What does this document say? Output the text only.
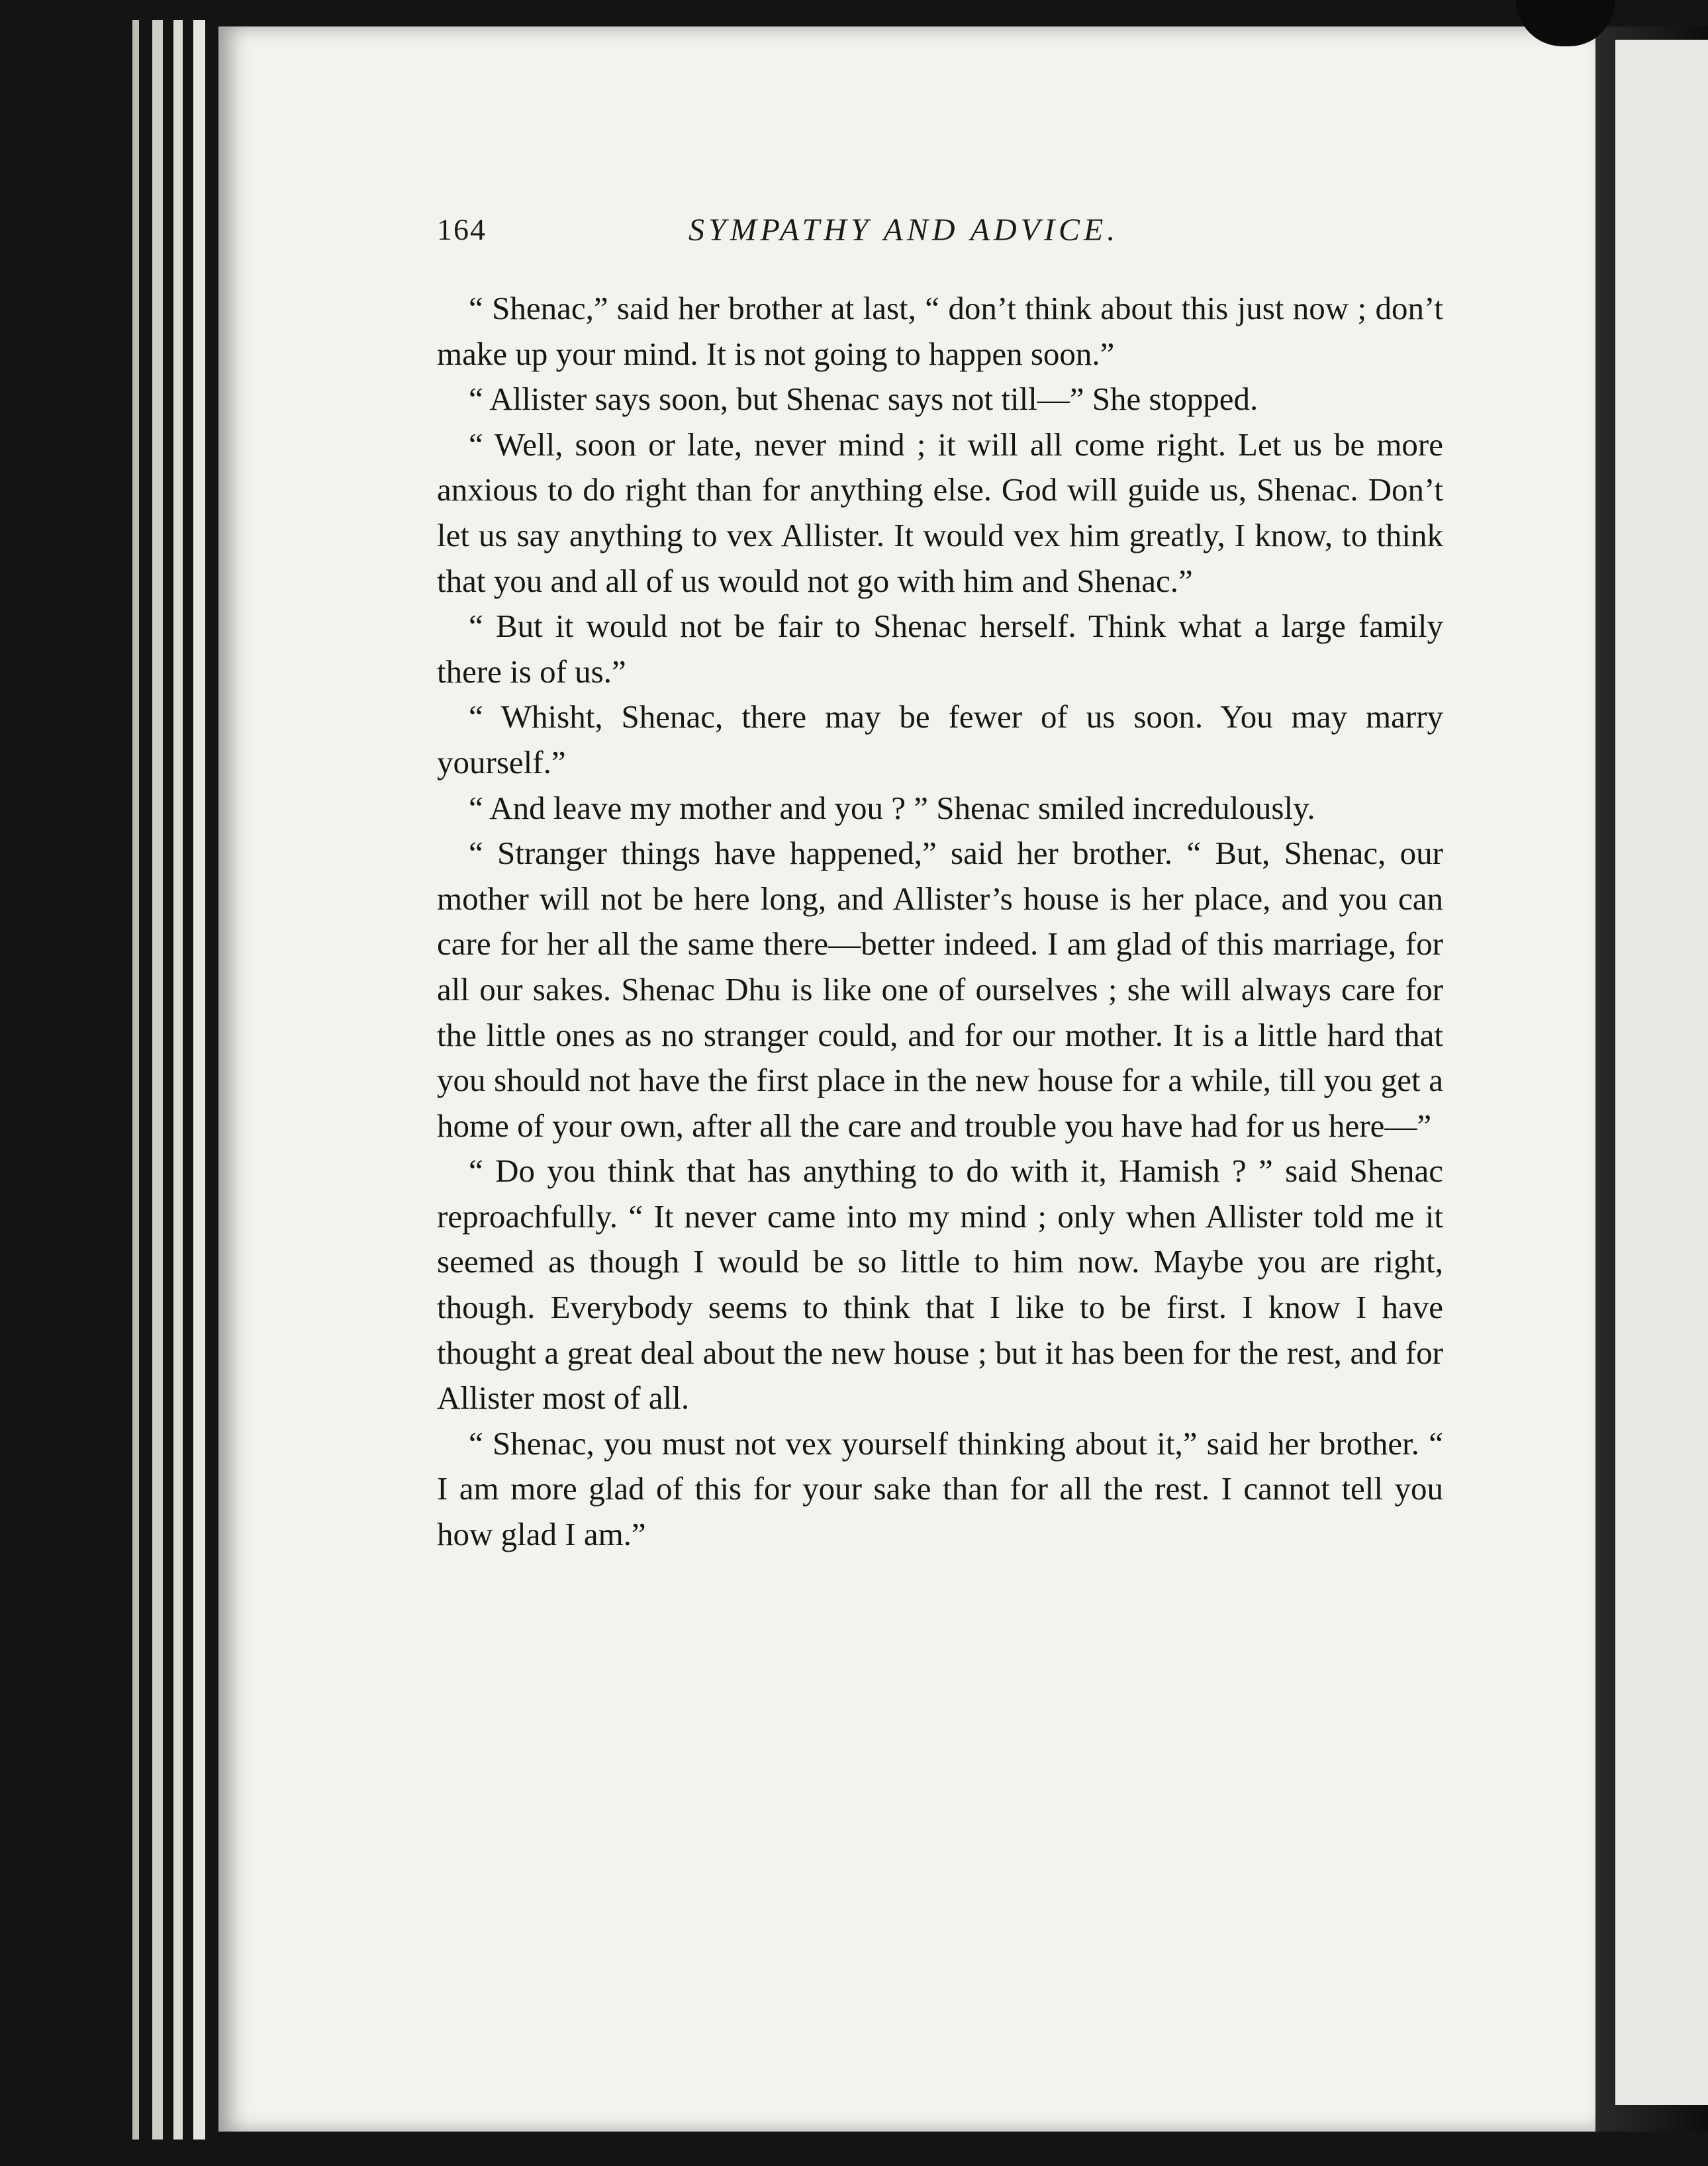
164	SYMPATHY AND ADVICE.

“ Shenac,” said her brother at last, “ don’t think about this just now ; don’t make up your mind. It is not going to happen soon.”

“ Allister says soon, but Shenac says not till—” She stopped.

“ Well, soon or late, never mind ; it will all come right. Let us be more anxious to do right than for anything else. God will guide us, Shenac. Don’t let us say anything to vex Allister. It would vex him greatly, I know, to think that you and all of us would not go with him and Shenac.”

“ But it would not be fair to Shenac herself. Think what a large family there is of us.”

“ Whisht, Shenac, there may be fewer of us soon. You may marry yourself.”

“ And leave my mother and you ? ” Shenac smiled incredulously.

“ Stranger things have happened,” said her brother. “ But, Shenac, our mother will not be here long, and Allister’s house is her place, and you can care for her all the same there—better indeed. I am glad of this marriage, for all our sakes. Shenac Dhu is like one of ourselves ; she will always care for the little ones as no stranger could, and for our mother. It is a little hard that you should not have the first place in the new house for a while, till you get a home of your own, after all the care and trouble you have had for us here—”

“ Do you think that has anything to do with it, Hamish ? ” said Shenac reproachfully. “ It never came into my mind ; only when Allister told me it seemed as though I would be so little to him now. Maybe you are right, though. Everybody seems to think that I like to be first. I know I have thought a great deal about the new house ; but it has been for the rest, and for Allister most of all.

“ Shenac, you must not vex yourself thinking about it,” said her brother. “ I am more glad of this for your sake than for all the rest. I cannot tell you how glad I am.”
